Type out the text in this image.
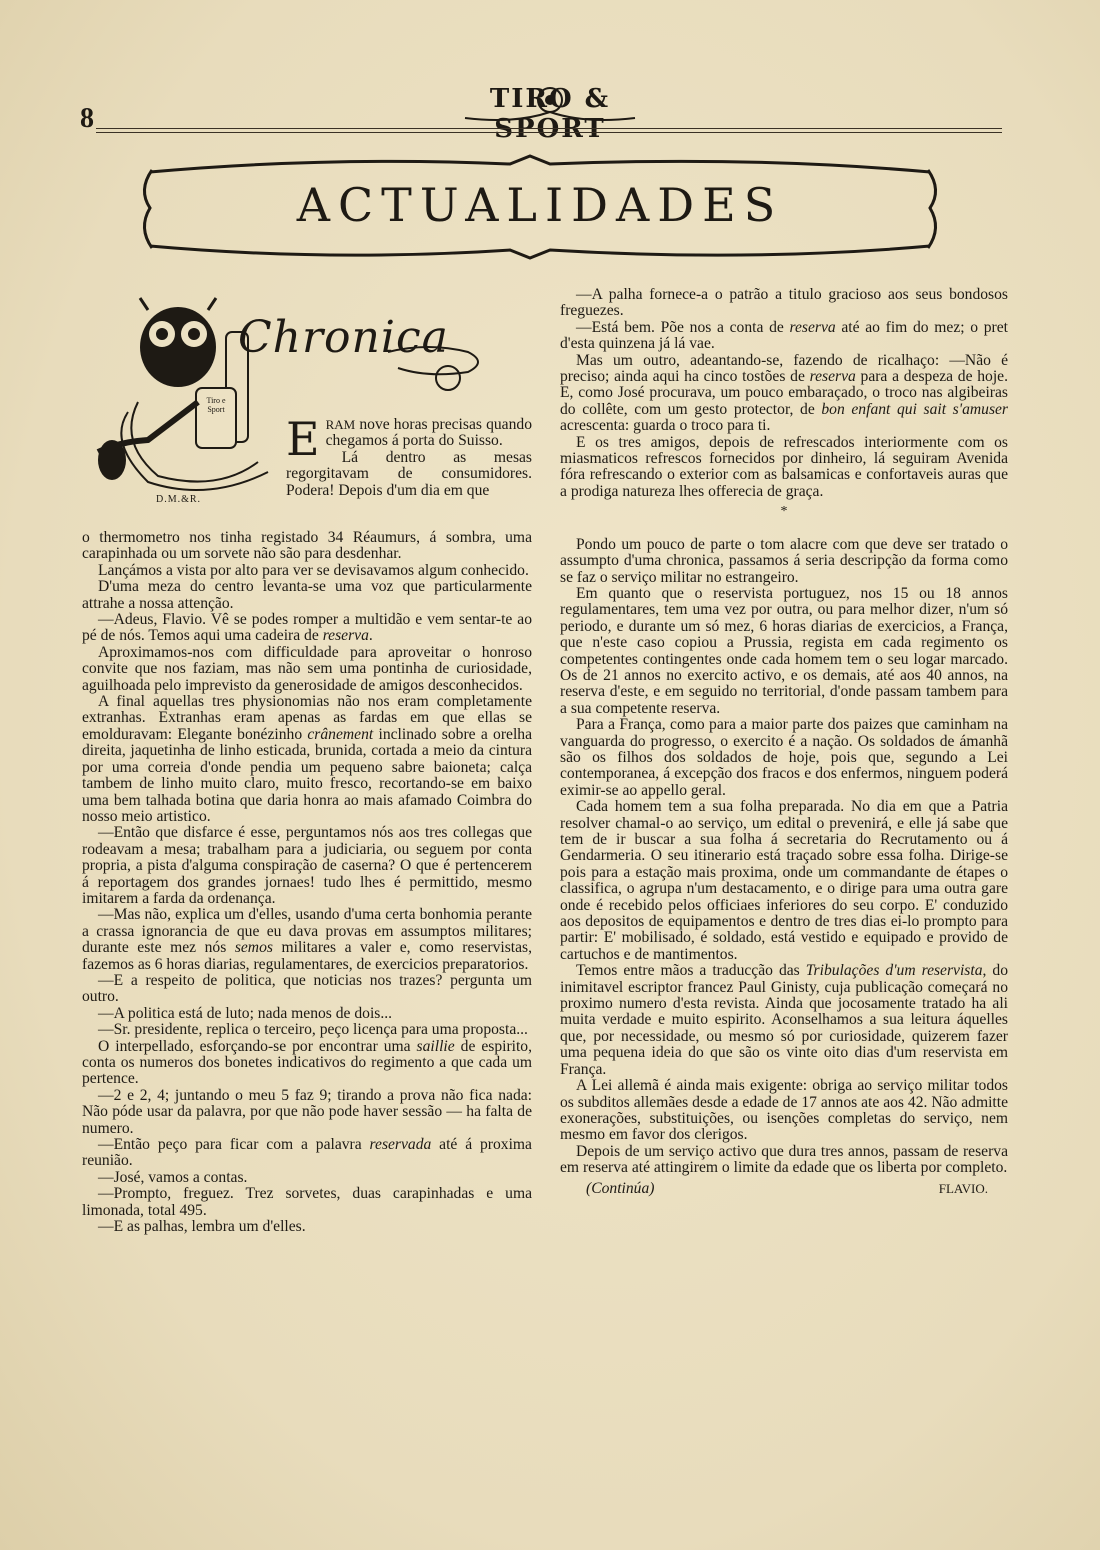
8
TIRO & SPORT
ACTUALIDADES
Tiro e Sport
Chronica
D.M.&R.
ERAM nove horas precisas quando chegamos á porta do Suisso.

Lá dentro as mesas regorgitavam de consumidores. Podera! Depois d'um dia em que

o thermometro nos tinha registado 34 Réaumurs, á sombra, uma carapinhada ou um sorvete não são para desdenhar.

Lançámos a vista por alto para ver se devisavamos algum conhecido.

D'uma meza do centro levanta-se uma voz que particularmente attrahe a nossa attenção.

—Adeus, Flavio. Vê se podes romper a multidão e vem sentar-te ao pé de nós. Temos aqui uma cadeira de reserva.

Aproximamos-nos com difficuldade para aproveitar o honroso convite que nos faziam, mas não sem uma pontinha de curiosidade, aguilhoada pelo imprevisto da generosidade de amigos desconhecidos.

A final aquellas tres physionomias não nos eram completamente extranhas. Extranhas eram apenas as fardas em que ellas se emolduravam: Elegante bonézinho crânement inclinado sobre a orelha direita, jaquetinha de linho esticada, brunida, cortada a meio da cintura por uma correia d'onde pendia um pequeno sabre baioneta; calça tambem de linho muito claro, muito fresco, recortando-se em baixo uma bem talhada botina que daria honra ao mais afamado Coimbra do nosso meio artistico.

—Então que disfarce é esse, perguntamos nós aos tres collegas que rodeavam a mesa; trabalham para a judiciaria, ou seguem por conta propria, a pista d'alguma conspiração de caserna? O que é pertencerem á reportagem dos grandes jornaes! tudo lhes é permittido, mesmo imitarem a farda da ordenança.

—Mas não, explica um d'elles, usando d'uma certa bonhomia perante a crassa ignorancia de que eu dava provas em assumptos militares; durante este mez nós semos militares a valer e, como reservistas, fazemos as 6 horas diarias, regulamentares, de exercicios preparatorios.

—E a respeito de politica, que noticias nos trazes? pergunta um outro.

—A politica está de luto; nada menos de dois...

—Sr. presidente, replica o terceiro, peço licença para uma proposta...

O interpellado, esforçando-se por encontrar uma saillie de espirito, conta os numeros dos bonetes indicativos do regimento a que cada um pertence.

—2 e 2, 4; juntando o meu 5 faz 9; tirando a prova não fica nada: Não póde usar da palavra, por que não pode haver sessão — ha falta de numero.

—Então peço para ficar com a palavra reservada até á proxima reunião.

—José, vamos a contas.

—Prompto, freguez. Trez sorvetes, duas carapinhadas e uma limonada, total 495.

—E as palhas, lembra um d'elles.

—A palha fornece-a o patrão a titulo gracioso aos seus bondosos freguezes.

—Está bem. Põe nos a conta de reserva até ao fim do mez; o pret d'esta quinzena já lá vae.

Mas um outro, adeantando-se, fazendo de ricalhaço: —Não é preciso; ainda aqui ha cinco tostões de reserva para a despeza de hoje. E, como José procurava, um pouco embaraçado, o troco nas algibeiras do collête, com um gesto protector, de bon enfant qui sait s'amuser acrescenta: guarda o troco para ti.

E os tres amigos, depois de refrescados interiormente com os miasmaticos refrescos fornecidos por dinheiro, lá seguiram Avenida fóra refrescando o exterior com as balsamicas e confortaveis auras que a prodiga natureza lhes offerecia de graça.

*

Pondo um pouco de parte o tom alacre com que deve ser tratado o assumpto d'uma chronica, passamos á seria descripção da forma como se faz o serviço militar no estrangeiro.

Em quanto que o reservista portuguez, nos 15 ou 18 annos regulamentares, tem uma vez por outra, ou para melhor dizer, n'um só periodo, e durante um só mez, 6 horas diarias de exercicios, a França, que n'este caso copiou a Prussia, regista em cada regimento os competentes contingentes onde cada homem tem o seu logar marcado. Os de 21 annos no exercito activo, e os demais, até aos 40 annos, na reserva d'este, e em seguido no territorial, d'onde passam tambem para a sua competente reserva.

Para a França, como para a maior parte dos paizes que caminham na vanguarda do progresso, o exercito é a nação. Os soldados de ámanhã são os filhos dos soldados de hoje, pois que, segundo a Lei contemporanea, á excepção dos fracos e dos enfermos, ninguem poderá eximir-se ao appello geral.

Cada homem tem a sua folha preparada. No dia em que a Patria resolver chamal-o ao serviço, um edital o prevenirá, e elle já sabe que tem de ir buscar a sua folha á secretaria do Recrutamento ou á Gendarmeria. O seu itinerario está traçado sobre essa folha. Dirige-se pois para a estação mais proxima, onde um commandante de étapes o classifica, o agrupa n'um destacamento, e o dirige para uma outra gare onde é recebido pelos officiaes inferiores do seu corpo. E' conduzido aos depositos de equipamentos e dentro de tres dias ei-lo prompto para partir: E' mobilisado, é soldado, está vestido e equipado e provido de cartuchos e de mantimentos.

Temos entre mãos a traducção das Tribulações d'um reservista, do inimitavel escriptor francez Paul Ginisty, cuja publicação começará no proximo numero d'esta revista. Ainda que jocosamente tratado ha ali muita verdade e muito espirito. Aconselhamos a sua leitura áquelles que, por necessidade, ou mesmo só por curiosidade, quizerem fazer uma pequena ideia do que são os vinte oito dias d'um reservista em França.

A Lei allemã é ainda mais exigente: obriga ao serviço militar todos os subditos allemães desde a edade de 17 annos ate aos 42. Não admitte exonerações, substituições, ou isenções completas do serviço, nem mesmo em favor dos clerigos.

Depois de um serviço activo que dura tres annos, passam de reserva em reserva até attingirem o limite da edade que os liberta por completo.

(Continúa)	FLAVIO.
